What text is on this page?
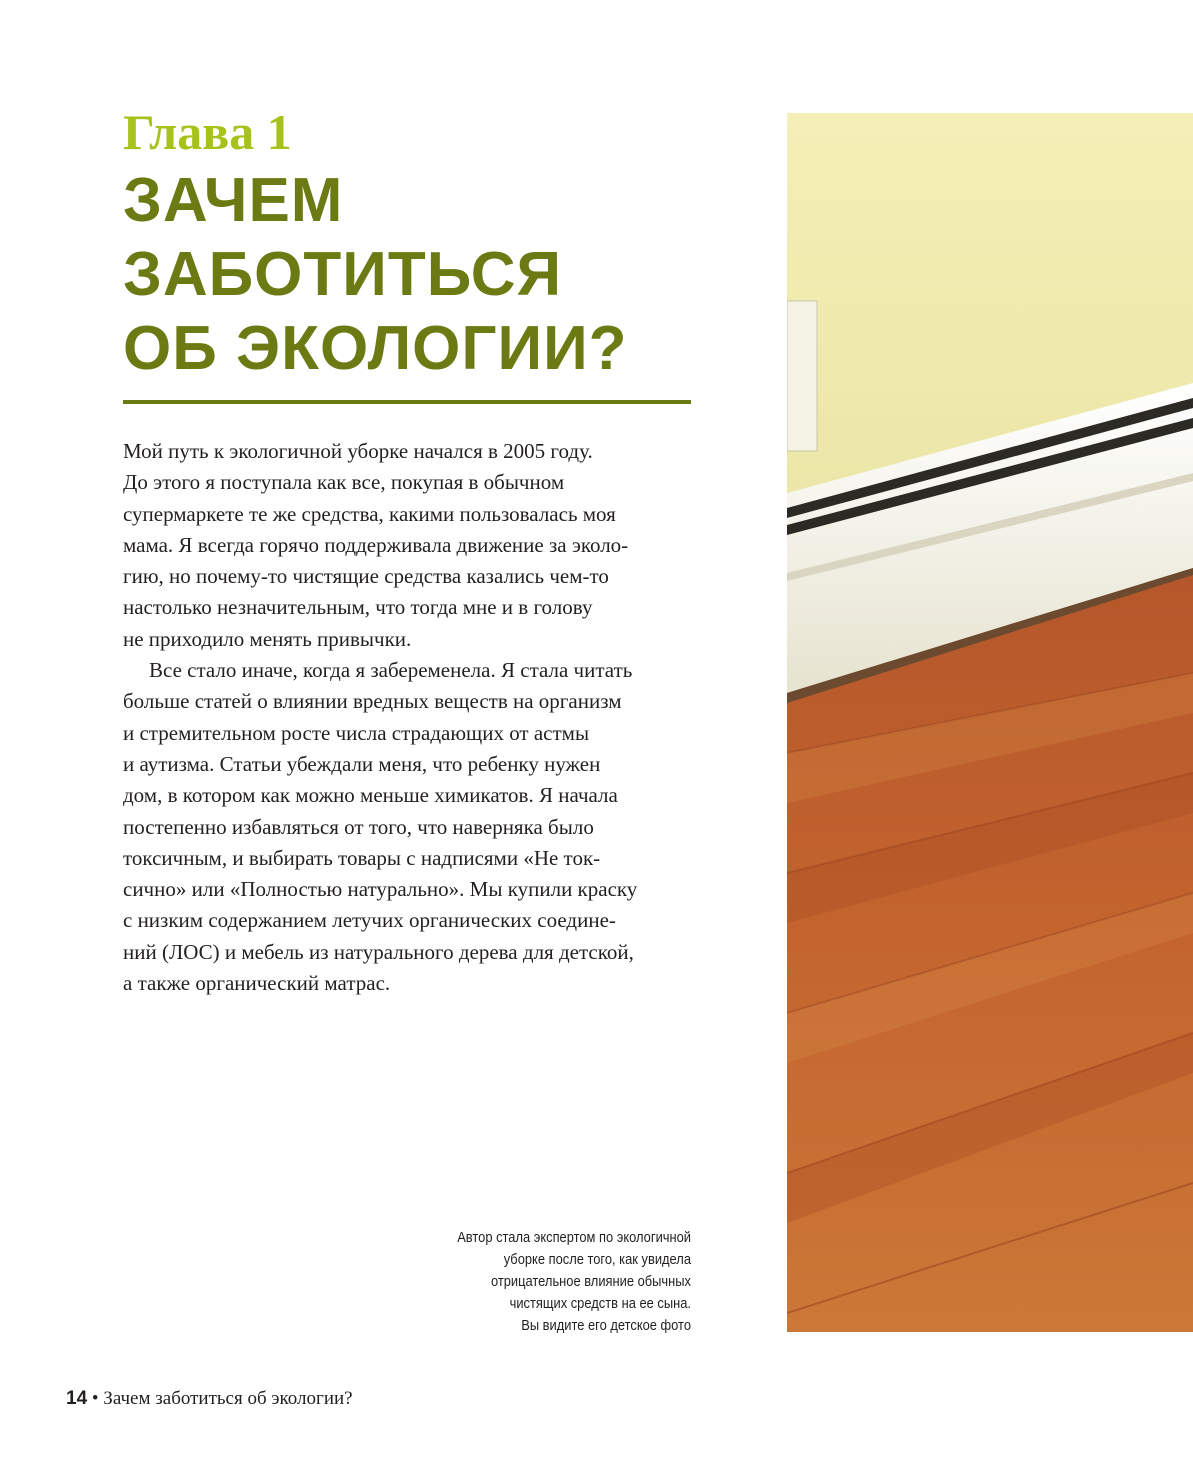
Глава 1
ЗАЧЕМ
ЗАБОТИТЬСЯ
ОБ ЭКОЛОГИИ?
Мой путь к экологичной уборке начался в 2005 году.
До этого я поступала как все, покупая в обычном
супермаркете те же средства, какими пользовалась моя
мама. Я всегда горячо поддерживала движение за эколо-
гию, но почему-то чистящие средства казались чем-то
настолько незначительным, что тогда мне и в голову
не приходило менять привычки.
Все стало иначе, когда я забеременела. Я стала читать
больше статей о влиянии вредных веществ на организм
и стремительном росте числа страдающих от астмы
и аутизма. Статьи убеждали меня, что ребенку нужен
дом, в котором как можно меньше химикатов. Я начала
постепенно избавляться от того, что наверняка было
токсичным, и выбирать товары с надписями «Не ток-
сично» или «Полностью натурально». Мы купили краску
с низким содержанием летучих органических соедине-
ний (ЛОС) и мебель из натурального дерева для детской,
а также органический матрас.
Автор стала экспертом по экологичной
уборке после того, как увидела
отрицательное влияние обычных
чистящих средств на ее сына.
Вы видите его детское фото
14 • Зачем заботиться об экологии?
